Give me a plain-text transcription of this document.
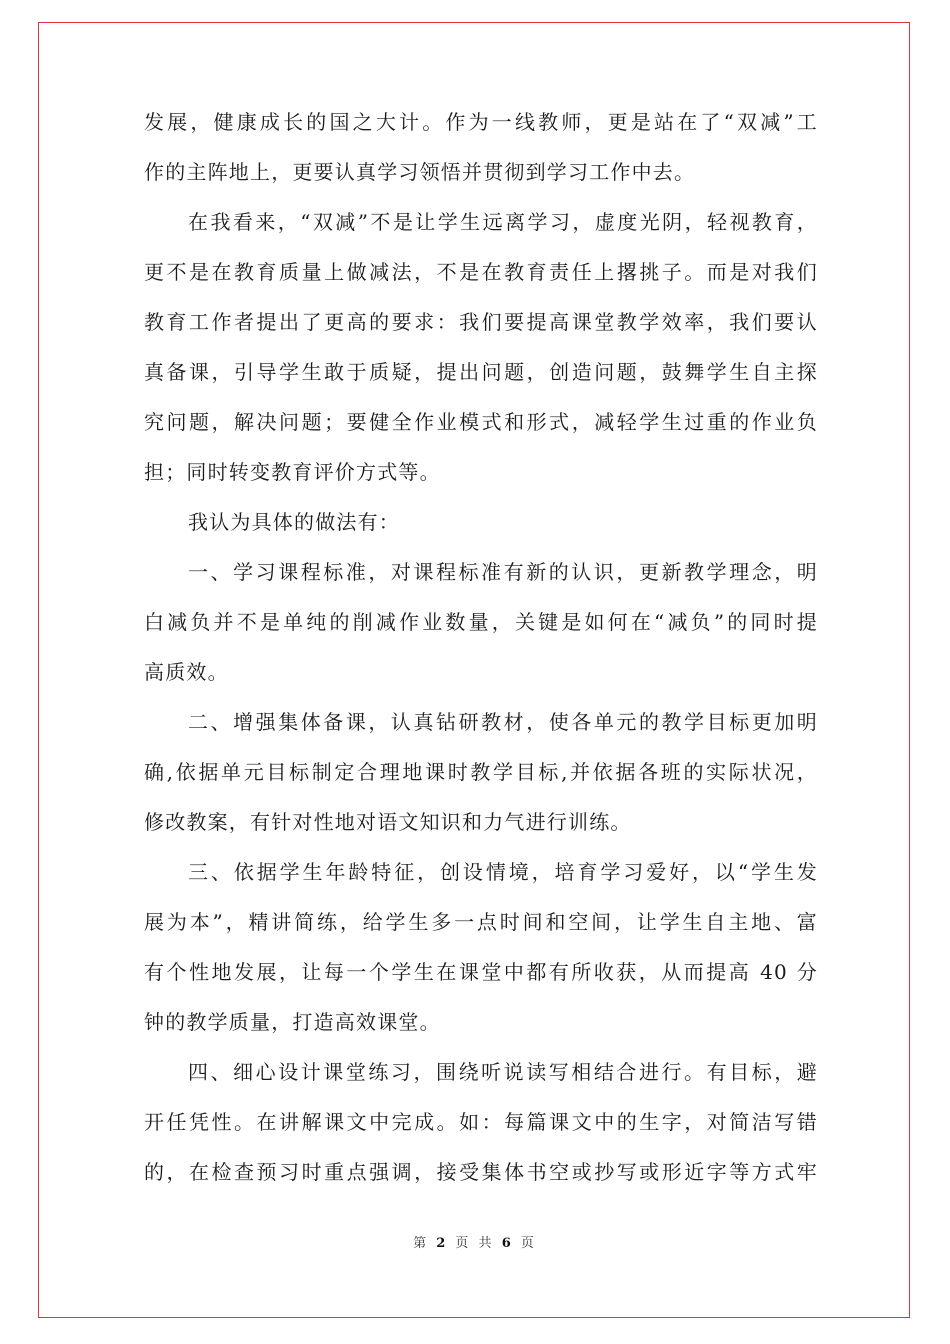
发展，健康成长的国之大计。作为一线教师，更是站在了“双减”工
作的主阵地上，更要认真学习领悟并贯彻到学习工作中去。
在我看来，“双减”不是让学生远离学习，虚度光阴，轻视教育，
更不是在教育质量上做减法，不是在教育责任上撂挑子。而是对我们
教育工作者提出了更高的要求：我们要提高课堂教学效率，我们要认
真备课，引导学生敢于质疑，提出问题，创造问题，鼓舞学生自主探
究问题，解决问题；要健全作业模式和形式，减轻学生过重的作业负
担；同时转变教育评价方式等。
我认为具体的做法有：
一、学习课程标准，对课程标准有新的认识，更新教学理念，明
白减负并不是单纯的削减作业数量，关键是如何在“减负”的同时提
高质效。
二、增强集体备课，认真钻研教材，使各单元的教学目标更加明
确,依据单元目标制定合理地课时教学目标,并依据各班的实际状况，
修改教案，有针对性地对语文知识和力气进行训练。
三、依据学生年龄特征，创设情境，培育学习爱好，以“学生发
展为本”，精讲简练，给学生多一点时间和空间，让学生自主地、富
有个性地发展，让每一个学生在课堂中都有所收获，从而提高 40 分
钟的教学质量，打造高效课堂。
四、细心设计课堂练习，围绕听说读写相结合进行。有目标，避
开任凭性。在讲解课文中完成。如：每篇课文中的生字，对简洁写错
的，在检查预习时重点强调，接受集体书空或抄写或形近字等方式牢
第 2 页 共 6 页
